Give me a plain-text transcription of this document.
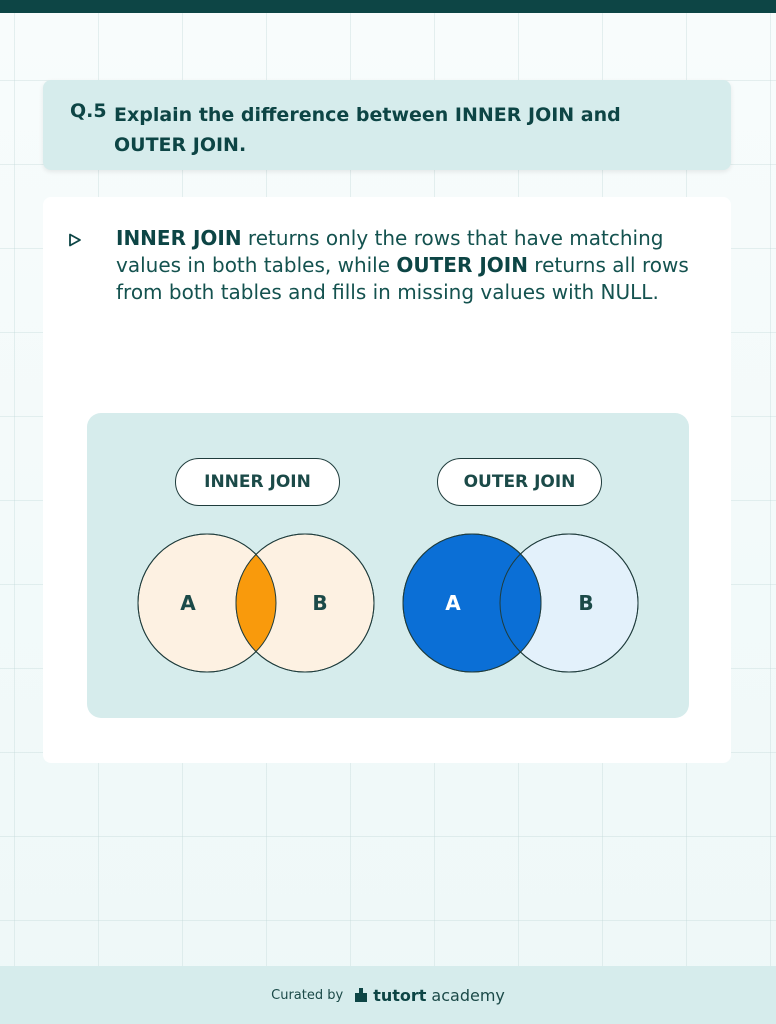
Q.5 Explain the difference between INNER JOIN and OUTER JOIN.

INNER JOIN returns only the rows that have matching values in both tables, while OUTER JOIN returns all rows from both tables and fills in missing values with NULL.

A	B	A	B
INNER JOIN	OUTER JOIN
Curated by tutort academy
